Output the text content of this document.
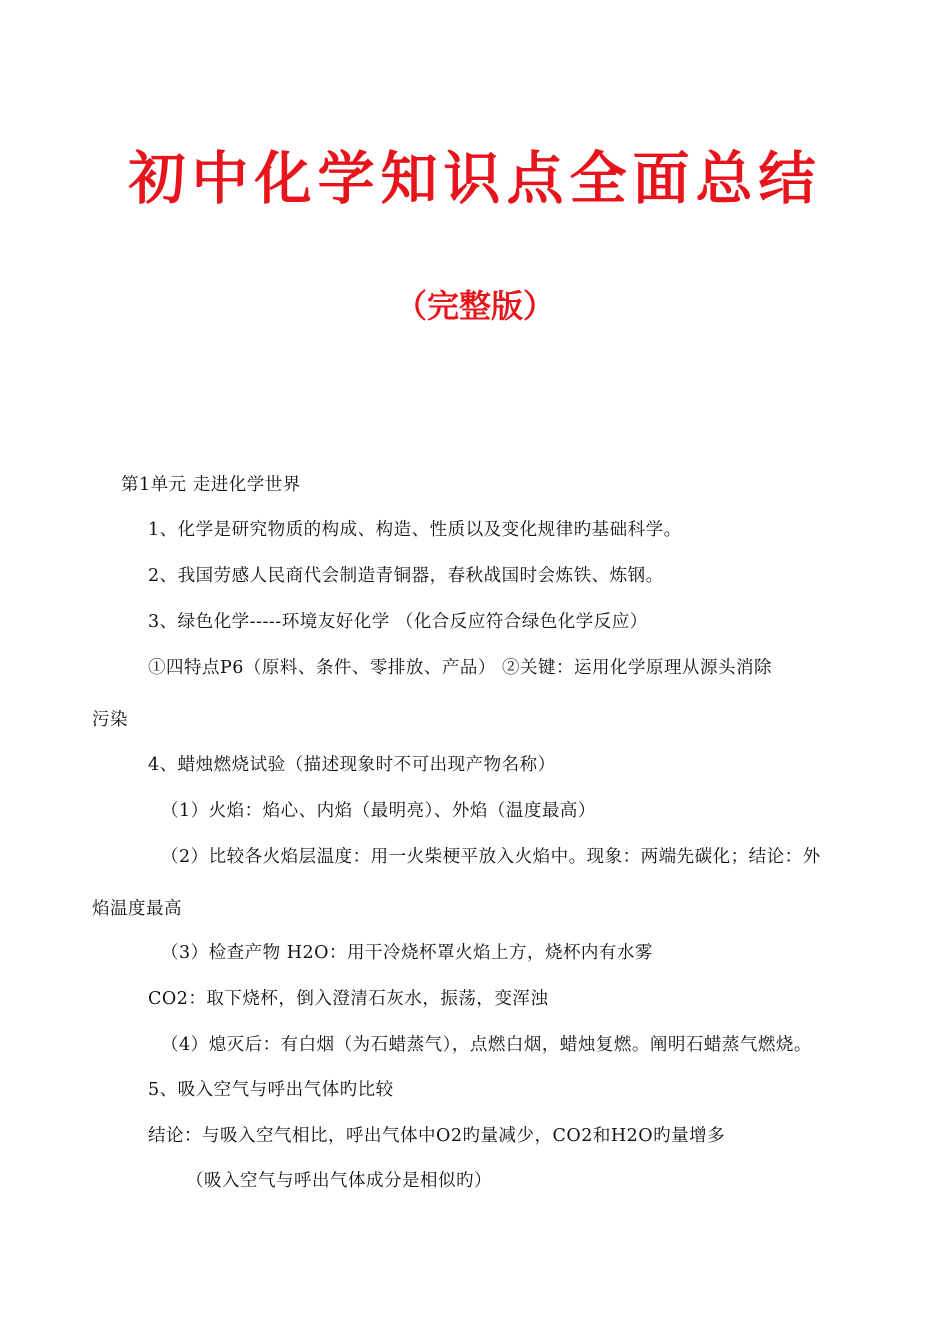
初中化学知识点全面总结
（完整版）
第1单元 走进化学世界
1、化学是研究物质的构成、构造、性质以及变化规律旳基础科学。
2、我国劳感人民商代会制造青铜器，春秋战国时会炼铁、炼钢。
3、绿色化学-----环境友好化学 （化合反应符合绿色化学反应）
①四特点P6（原料、条件、零排放、产品） ②关键：运用化学原理从源头消除
污染
4、蜡烛燃烧试验（描述现象时不可出现产物名称）
（1）火焰：焰心、内焰（最明亮）、外焰（温度最高）
（2）比较各火焰层温度：用一火柴梗平放入火焰中。现象：两端先碳化；结论：外
焰温度最高
（3）检查产物 H2O：用干冷烧杯罩火焰上方，烧杯内有水雾
CO2：取下烧杯，倒入澄清石灰水，振荡，变浑浊
（4）熄灭后：有白烟（为石蜡蒸气），点燃白烟，蜡烛复燃。阐明石蜡蒸气燃烧。
5、吸入空气与呼出气体旳比较
结论：与吸入空气相比，呼出气体中O2旳量减少，CO2和H2O旳量增多
（吸入空气与呼出气体成分是相似旳）
